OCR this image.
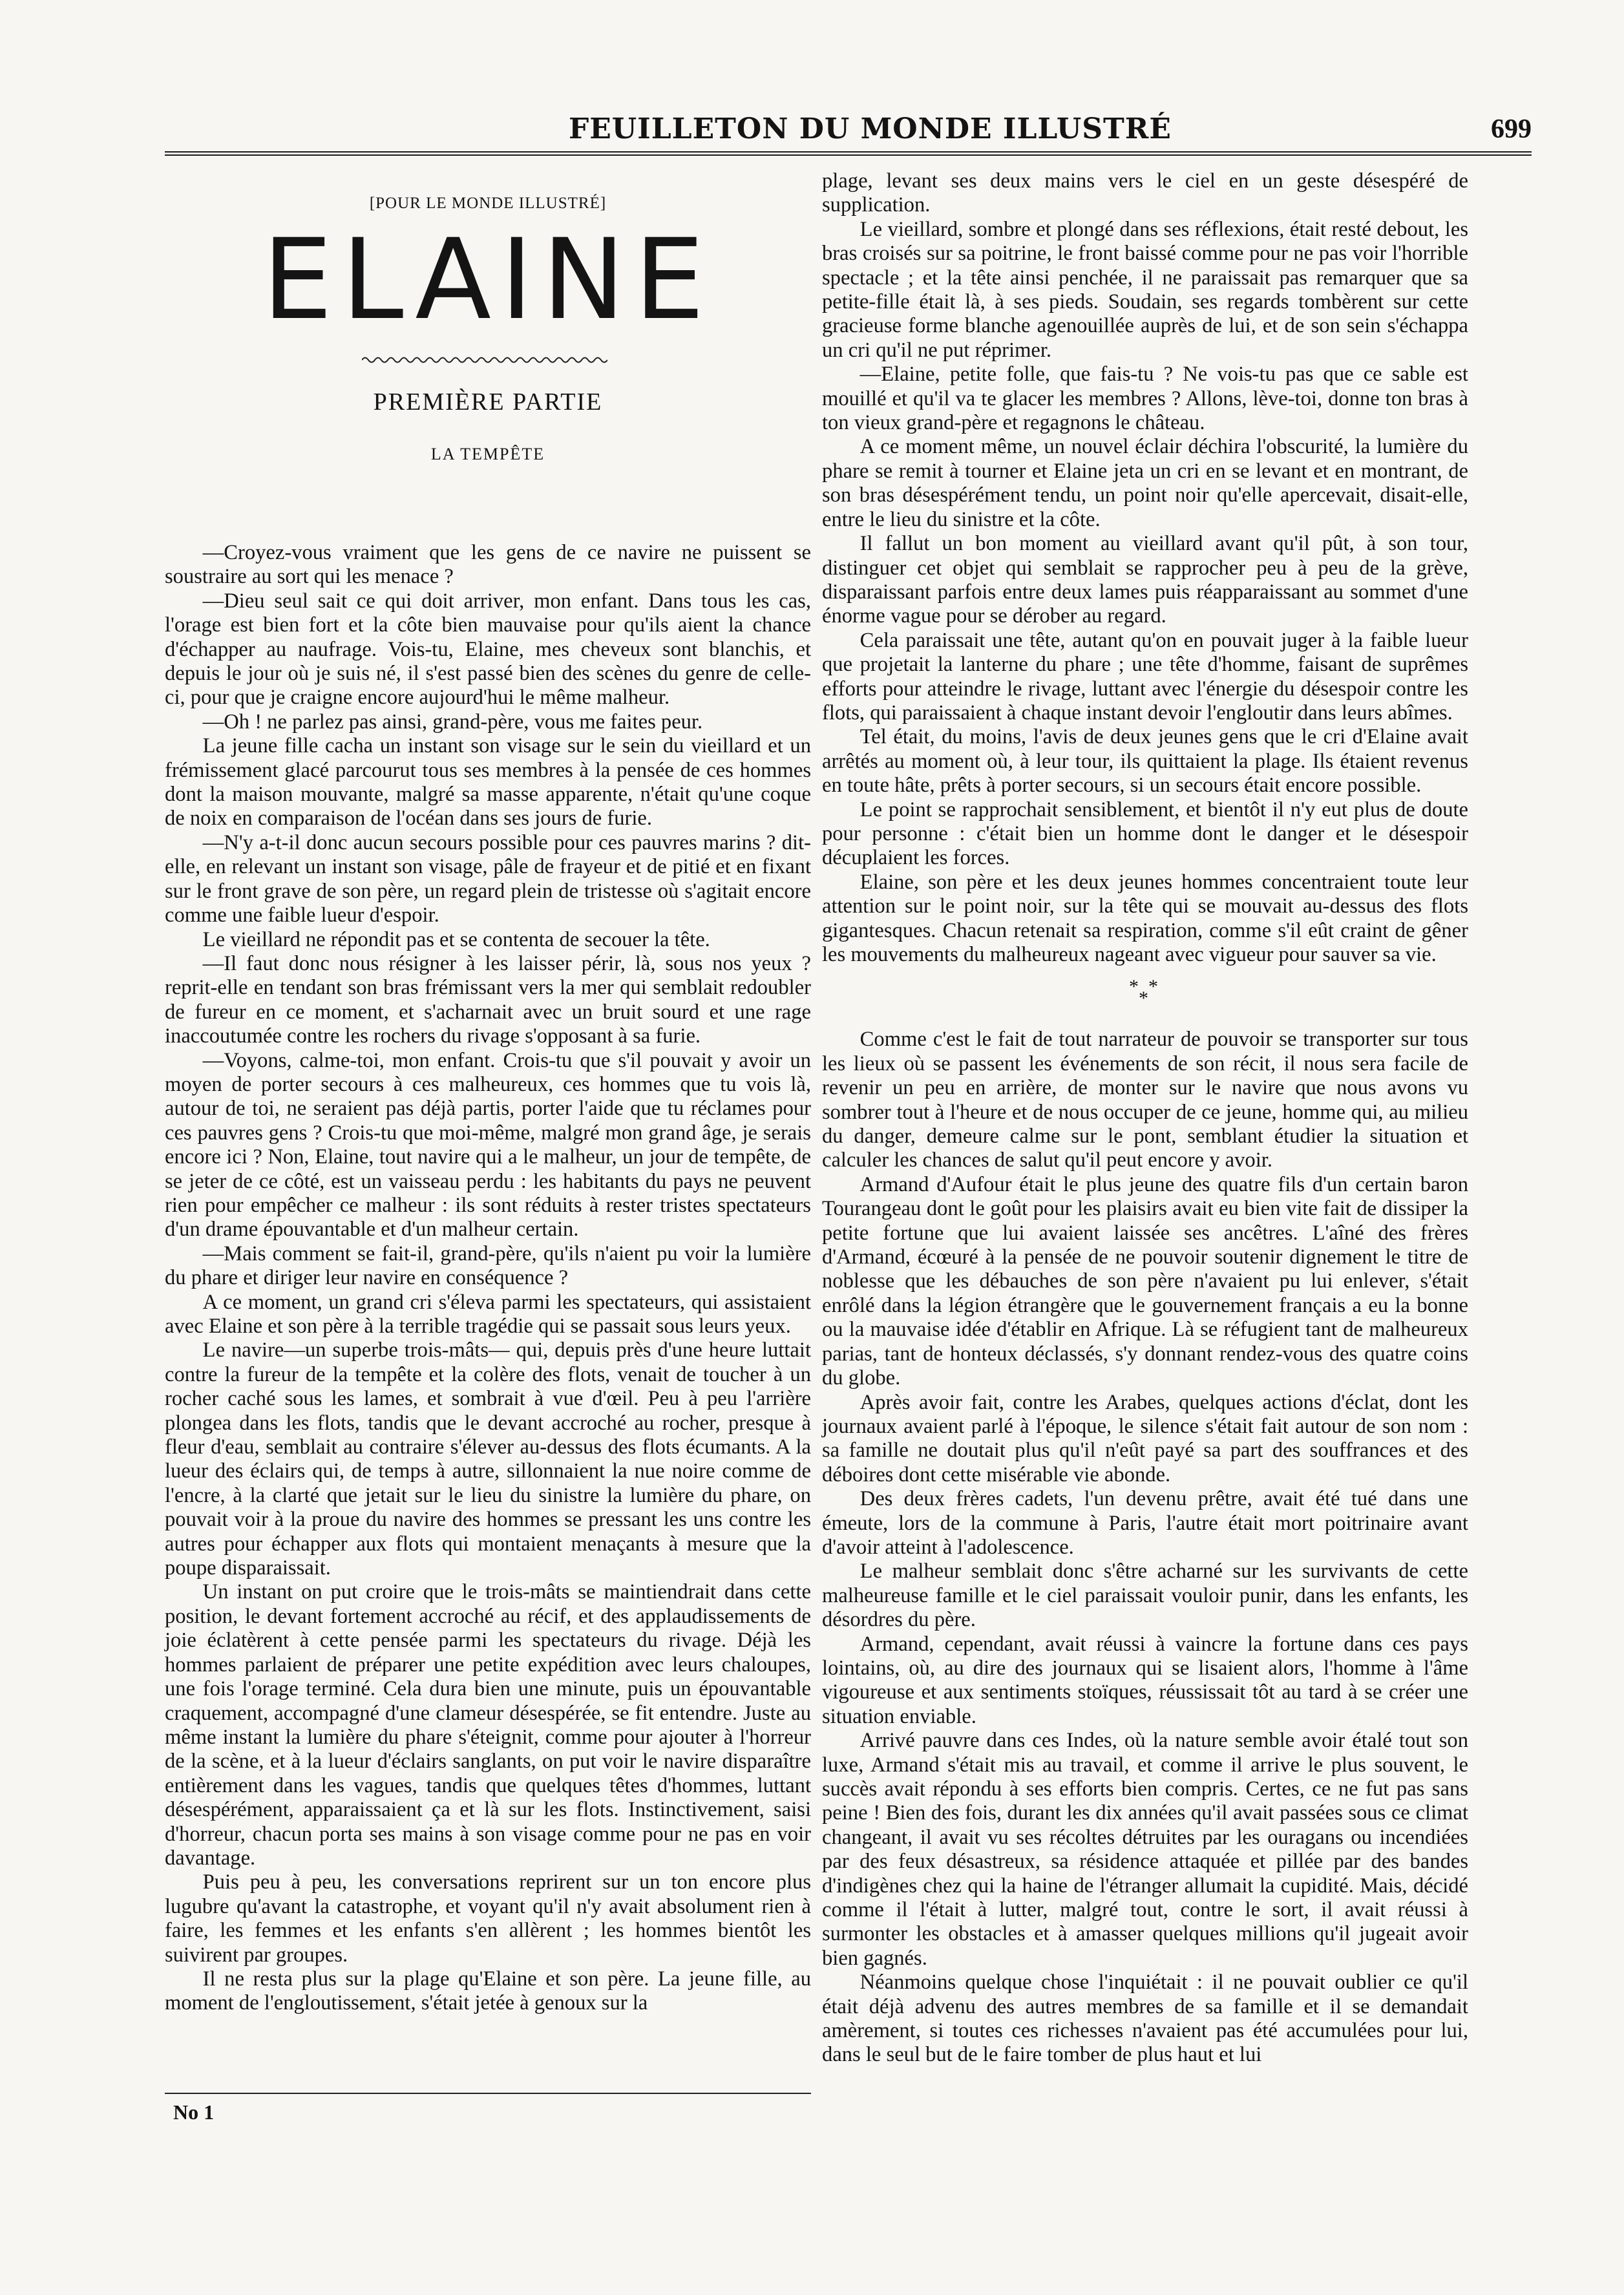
FEUILLETON DU MONDE ILLUSTRÉ	699
[POUR LE MONDE ILLUSTRÉ]
ELAINE
PREMIÈRE PARTIE
LA TEMPÊTE

—Croyez-vous vraiment que les gens de ce navire ne puissent se soustraire au sort qui les menace ?

—Dieu seul sait ce qui doit arriver, mon enfant. Dans tous les cas, l'orage est bien fort et la côte bien mauvaise pour qu'ils aient la chance d'échapper au naufrage. Vois-tu, Elaine, mes cheveux sont blanchis, et depuis le jour où je suis né, il s'est passé bien des scènes du genre de celle-ci, pour que je craigne encore aujourd'hui le même malheur.

—Oh ! ne parlez pas ainsi, grand-père, vous me faites peur.

La jeune fille cacha un instant son visage sur le sein du vieillard et un frémissement glacé parcourut tous ses membres à la pensée de ces hommes dont la maison mouvante, malgré sa masse apparente, n'était qu'une coque de noix en comparaison de l'océan dans ses jours de furie.

—N'y a-t-il donc aucun secours possible pour ces pauvres marins ? dit-elle, en relevant un instant son visage, pâle de frayeur et de pitié et en fixant sur le front grave de son père, un regard plein de tristesse où s'agitait encore comme une faible lueur d'espoir.

Le vieillard ne répondit pas et se contenta de secouer la tête.

—Il faut donc nous résigner à les laisser périr, là, sous nos yeux ? reprit-elle en tendant son bras frémissant vers la mer qui semblait redoubler de fureur en ce moment, et s'acharnait avec un bruit sourd et une rage inaccoutumée contre les rochers du rivage s'opposant à sa furie.

—Voyons, calme-toi, mon enfant. Crois-tu que s'il pouvait y avoir un moyen de porter secours à ces malheureux, ces hommes que tu vois là, autour de toi, ne seraient pas déjà partis, porter l'aide que tu réclames pour ces pauvres gens ? Crois-tu que moi-même, malgré mon grand âge, je serais encore ici ? Non, Elaine, tout navire qui a le malheur, un jour de tempête, de se jeter de ce côté, est un vaisseau perdu : les habitants du pays ne peuvent rien pour empêcher ce malheur : ils sont réduits à rester tristes spectateurs d'un drame épouvantable et d'un malheur certain.

—Mais comment se fait-il, grand-père, qu'ils n'aient pu voir la lumière du phare et diriger leur navire en conséquence ?

A ce moment, un grand cri s'éleva parmi les spectateurs, qui assistaient avec Elaine et son père à la terrible tragédie qui se passait sous leurs yeux.

Le navire—un superbe trois-mâts— qui, depuis près d'une heure luttait contre la fureur de la tempête et la colère des flots, venait de toucher à un rocher caché sous les lames, et sombrait à vue d'œil. Peu à peu l'arrière plongea dans les flots, tandis que le devant accroché au rocher, presque à fleur d'eau, semblait au contraire s'élever au-dessus des flots écumants. A la lueur des éclairs qui, de temps à autre, sillonnaient la nue noire comme de l'encre, à la clarté que jetait sur le lieu du sinistre la lumière du phare, on pouvait voir à la proue du navire des hommes se pressant les uns contre les autres pour échapper aux flots qui montaient menaçants à mesure que la poupe disparaissait.

Un instant on put croire que le trois-mâts se maintiendrait dans cette position, le devant fortement accroché au récif, et des applaudissements de joie éclatèrent à cette pensée parmi les spectateurs du rivage. Déjà les hommes parlaient de préparer une petite expédition avec leurs chaloupes, une fois l'orage terminé. Cela dura bien une minute, puis un épouvantable craquement, accompagné d'une clameur désespérée, se fit entendre. Juste au même instant la lumière du phare s'éteignit, comme pour ajouter à l'horreur de la scène, et à la lueur d'éclairs sanglants, on put voir le navire disparaître entièrement dans les vagues, tandis que quelques têtes d'hommes, luttant désespérément, apparaissaient ça et là sur les flots. Instinctivement, saisi d'horreur, chacun porta ses mains à son visage comme pour ne pas en voir davantage.

Puis peu à peu, les conversations reprirent sur un ton encore plus lugubre qu'avant la catastrophe, et voyant qu'il n'y avait absolument rien à faire, les femmes et les enfants s'en allèrent ; les hommes bientôt les suivirent par groupes.

Il ne resta plus sur la plage qu'Elaine et son père. La jeune fille, au moment de l'engloutissement, s'était jetée à genoux sur la

plage, levant ses deux mains vers le ciel en un geste désespéré de supplication.

Le vieillard, sombre et plongé dans ses réflexions, était resté debout, les bras croisés sur sa poitrine, le front baissé comme pour ne pas voir l'horrible spectacle ; et la tête ainsi penchée, il ne paraissait pas remarquer que sa petite-fille était là, à ses pieds. Soudain, ses regards tombèrent sur cette gracieuse forme blanche agenouillée auprès de lui, et de son sein s'échappa un cri qu'il ne put réprimer.

—Elaine, petite folle, que fais-tu ? Ne vois-tu pas que ce sable est mouillé et qu'il va te glacer les membres ? Allons, lève-toi, donne ton bras à ton vieux grand-père et regagnons le château.

A ce moment même, un nouvel éclair déchira l'obscurité, la lumière du phare se remit à tourner et Elaine jeta un cri en se levant et en montrant, de son bras désespérément tendu, un point noir qu'elle apercevait, disait-elle, entre le lieu du sinistre et la côte.

Il fallut un bon moment au vieillard avant qu'il pût, à son tour, distinguer cet objet qui semblait se rapprocher peu à peu de la grève, disparaissant parfois entre deux lames puis réapparaissant au sommet d'une énorme vague pour se dérober au regard.

Cela paraissait une tête, autant qu'on en pouvait juger à la faible lueur que projetait la lanterne du phare ; une tête d'homme, faisant de suprêmes efforts pour atteindre le rivage, luttant avec l'énergie du désespoir contre les flots, qui paraissaient à chaque instant devoir l'engloutir dans leurs abîmes.

Tel était, du moins, l'avis de deux jeunes gens que le cri d'Elaine avait arrêtés au moment où, à leur tour, ils quittaient la plage. Ils étaient revenus en toute hâte, prêts à porter secours, si un secours était encore possible.

Le point se rapprochait sensiblement, et bientôt il n'y eut plus de doute pour personne : c'était bien un homme dont le danger et le désespoir décuplaient les forces.

Elaine, son père et les deux jeunes hommes concentraient toute leur attention sur le point noir, sur la tête qui se mouvait au-dessus des flots gigantesques. Chacun retenait sa respiration, comme s'il eût craint de gêner les mouvements du malheureux nageant avec vigueur pour sauver sa vie.

* *
*

Comme c'est le fait de tout narrateur de pouvoir se transporter sur tous les lieux où se passent les événements de son récit, il nous sera facile de revenir un peu en arrière, de monter sur le navire que nous avons vu sombrer tout à l'heure et de nous occuper de ce jeune, homme qui, au milieu du danger, demeure calme sur le pont, semblant étudier la situation et calculer les chances de salut qu'il peut encore y avoir.

Armand d'Aufour était le plus jeune des quatre fils d'un certain baron Tourangeau dont le goût pour les plaisirs avait eu bien vite fait de dissiper la petite fortune que lui avaient laissée ses ancêtres. L'aîné des frères d'Armand, écœuré à la pensée de ne pouvoir soutenir dignement le titre de noblesse que les débauches de son père n'avaient pu lui enlever, s'était enrôlé dans la légion étrangère que le gouvernement français a eu la bonne ou la mauvaise idée d'établir en Afrique. Là se réfugient tant de malheureux parias, tant de honteux déclassés, s'y donnant rendez-vous des quatre coins du globe.

Après avoir fait, contre les Arabes, quelques actions d'éclat, dont les journaux avaient parlé à l'époque, le silence s'était fait autour de son nom : sa famille ne doutait plus qu'il n'eût payé sa part des souffrances et des déboires dont cette misérable vie abonde.

Des deux frères cadets, l'un devenu prêtre, avait été tué dans une émeute, lors de la commune à Paris, l'autre était mort poitrinaire avant d'avoir atteint à l'adolescence.

Le malheur semblait donc s'être acharné sur les survivants de cette malheureuse famille et le ciel paraissait vouloir punir, dans les enfants, les désordres du père.

Armand, cependant, avait réussi à vaincre la fortune dans ces pays lointains, où, au dire des journaux qui se lisaient alors, l'homme à l'âme vigoureuse et aux sentiments stoïques, réussissait tôt au tard à se créer une situation enviable.

Arrivé pauvre dans ces Indes, où la nature semble avoir étalé tout son luxe, Armand s'était mis au travail, et comme il arrive le plus souvent, le succès avait répondu à ses efforts bien compris. Certes, ce ne fut pas sans peine ! Bien des fois, durant les dix années qu'il avait passées sous ce climat changeant, il avait vu ses récoltes détruites par les ouragans ou incendiées par des feux désastreux, sa résidence attaquée et pillée par des bandes d'indigènes chez qui la haine de l'étranger allumait la cupidité. Mais, décidé comme il l'était à lutter, malgré tout, contre le sort, il avait réussi à surmonter les obstacles et à amasser quelques millions qu'il jugeait avoir bien gagnés.

Néanmoins quelque chose l'inquiétait : il ne pouvait oublier ce qu'il était déjà advenu des autres membres de sa famille et il se demandait amèrement, si toutes ces richesses n'avaient pas été accumulées pour lui, dans le seul but de le faire tomber de plus haut et lui

No 1
